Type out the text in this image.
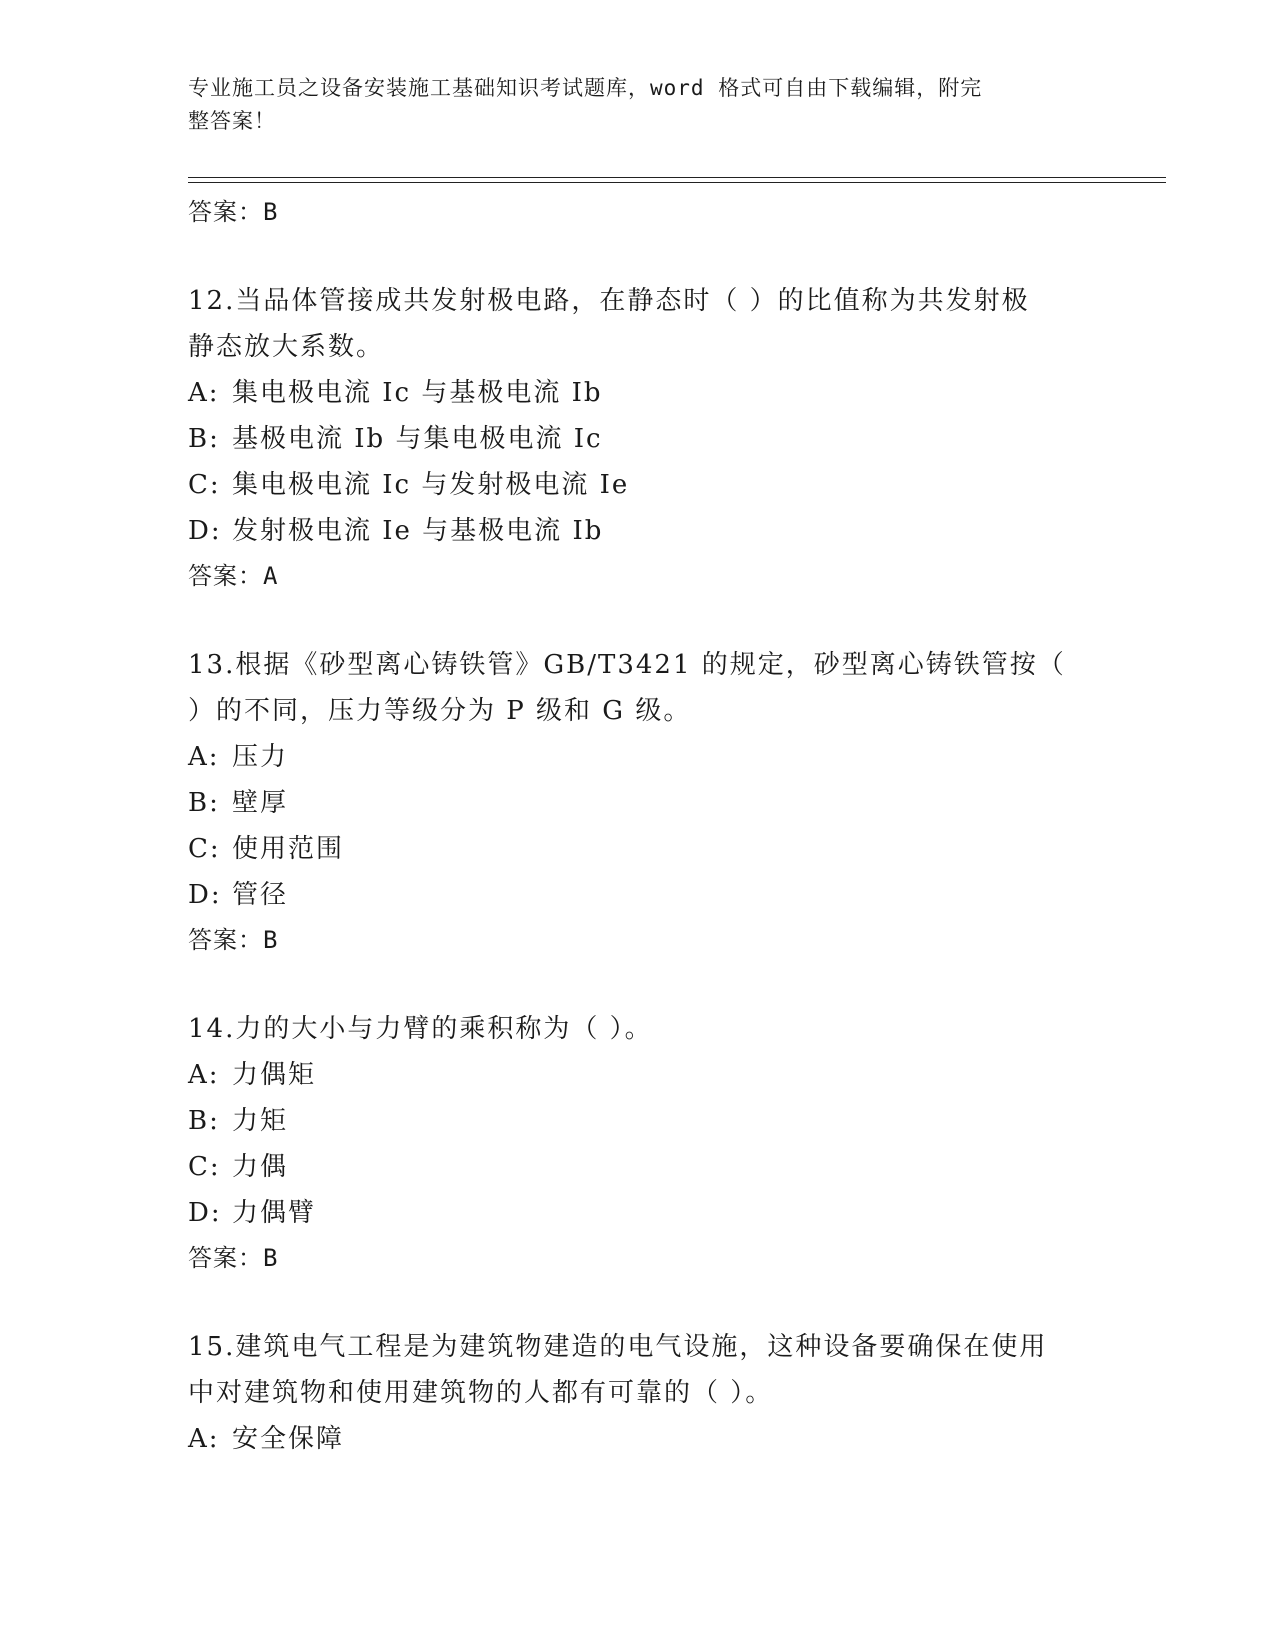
专业施工员之设备安装施工基础知识考试题库，word 格式可自由下载编辑，附完
整答案！
答案：B
12.当品体管接成共发射极电路，在静态时（ ）的比值称为共发射极
静态放大系数。
A: 集电极电流 Ic 与基极电流 Ib
B: 基极电流 Ib 与集电极电流 Ic
C: 集电极电流 Ic 与发射极电流 Ie
D: 发射极电流 Ie 与基极电流 Ib
答案：A
13.根据《砂型离心铸铁管》GB/T3421 的规定，砂型离心铸铁管按（
）的不同，压力等级分为 P 级和 G 级。
A: 压力
B: 壁厚
C: 使用范围
D: 管径
答案：B
14.力的大小与力臂的乘积称为（ ）。
A: 力偶矩
B: 力矩
C: 力偶
D: 力偶臂
答案：B
15.建筑电气工程是为建筑物建造的电气设施，这种设备要确保在使用
中对建筑物和使用建筑物的人都有可靠的（ ）。
A: 安全保障
